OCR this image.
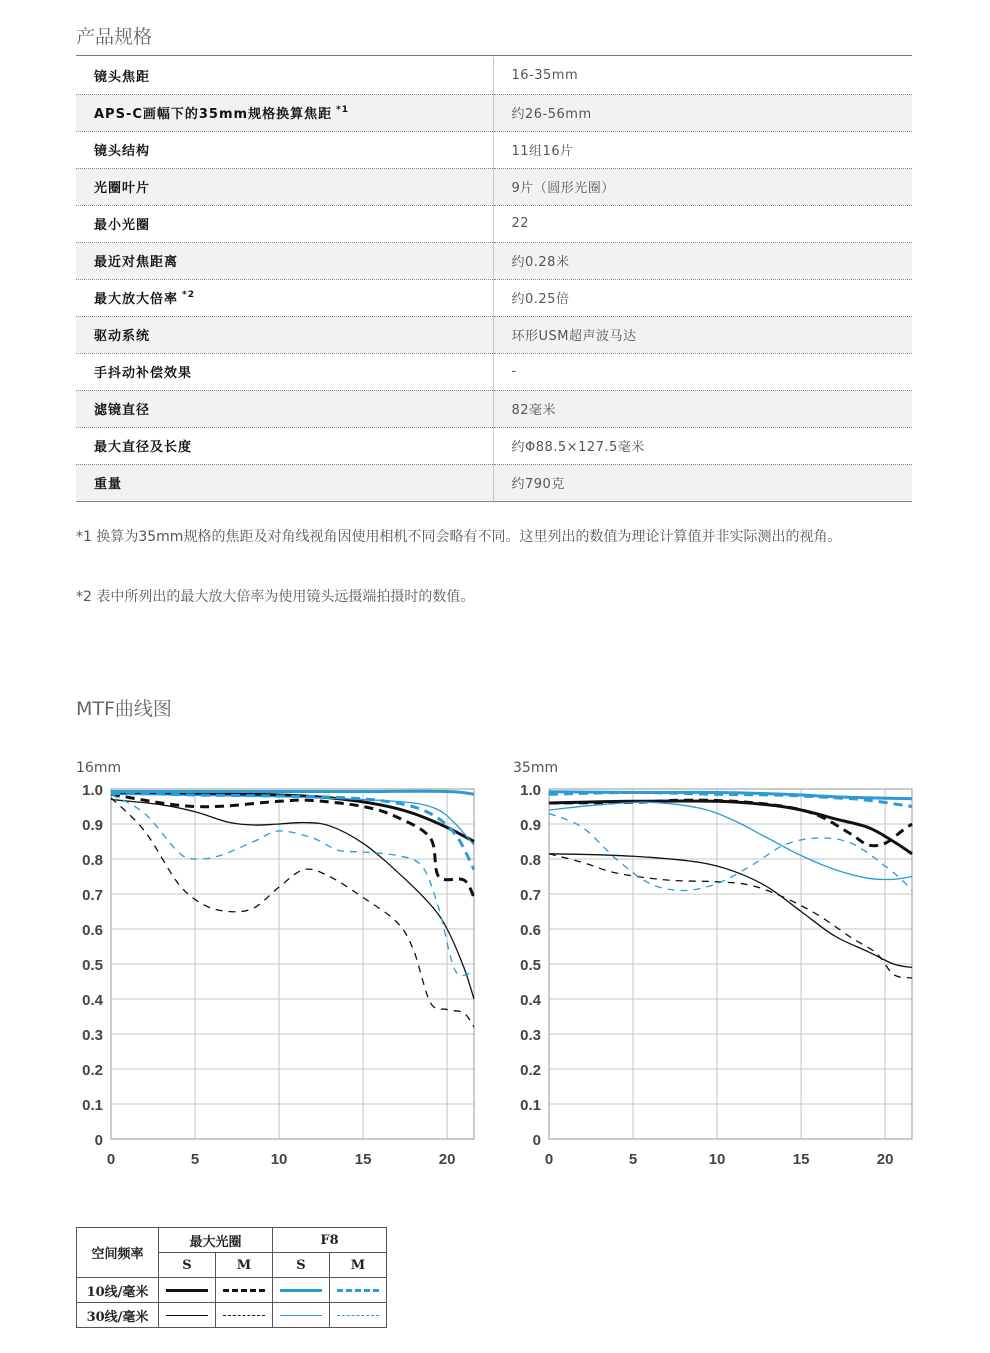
产品规格
镜头焦距	16-35mm
APS-C画幅下的35mm规格换算焦距 $^{*1}$	约26-56mm
镜头结构	11组16片
光圈叶片	9片（圆形光圈）
最小光圈	22
最近对焦距离	约0.28米
最大放大倍率 $^{*2}$	约0.25倍
驱动系统	环形USM超声波马达
手抖动补偿效果	-
滤镜直径	82毫米
最大直径及长度	约Φ88.5×127.5毫米
重量	约790克

*1 换算为35mm规格的焦距及对角线视角因使用相机不同会略有不同。这里列出的数值为理论计算值并非实际测出的视角。

*2 表中所列出的最大放大倍率为使用镜头远摄端拍摄时的数值。

MTF曲线图
16mm	35mm
0
0.1
0.2
0.3
0.4
0.5
0.6
0.7
0.8
0.9
1.0
0	5	10	15	20
0
0.1
0.2
0.3
0.4
0.5
0.6
0.7
0.8
0.9
1.0
0	5	10	15	20
空间频率	最大光圈		F8	
	S	M	S	M
10线/毫米				
30线/毫米				
